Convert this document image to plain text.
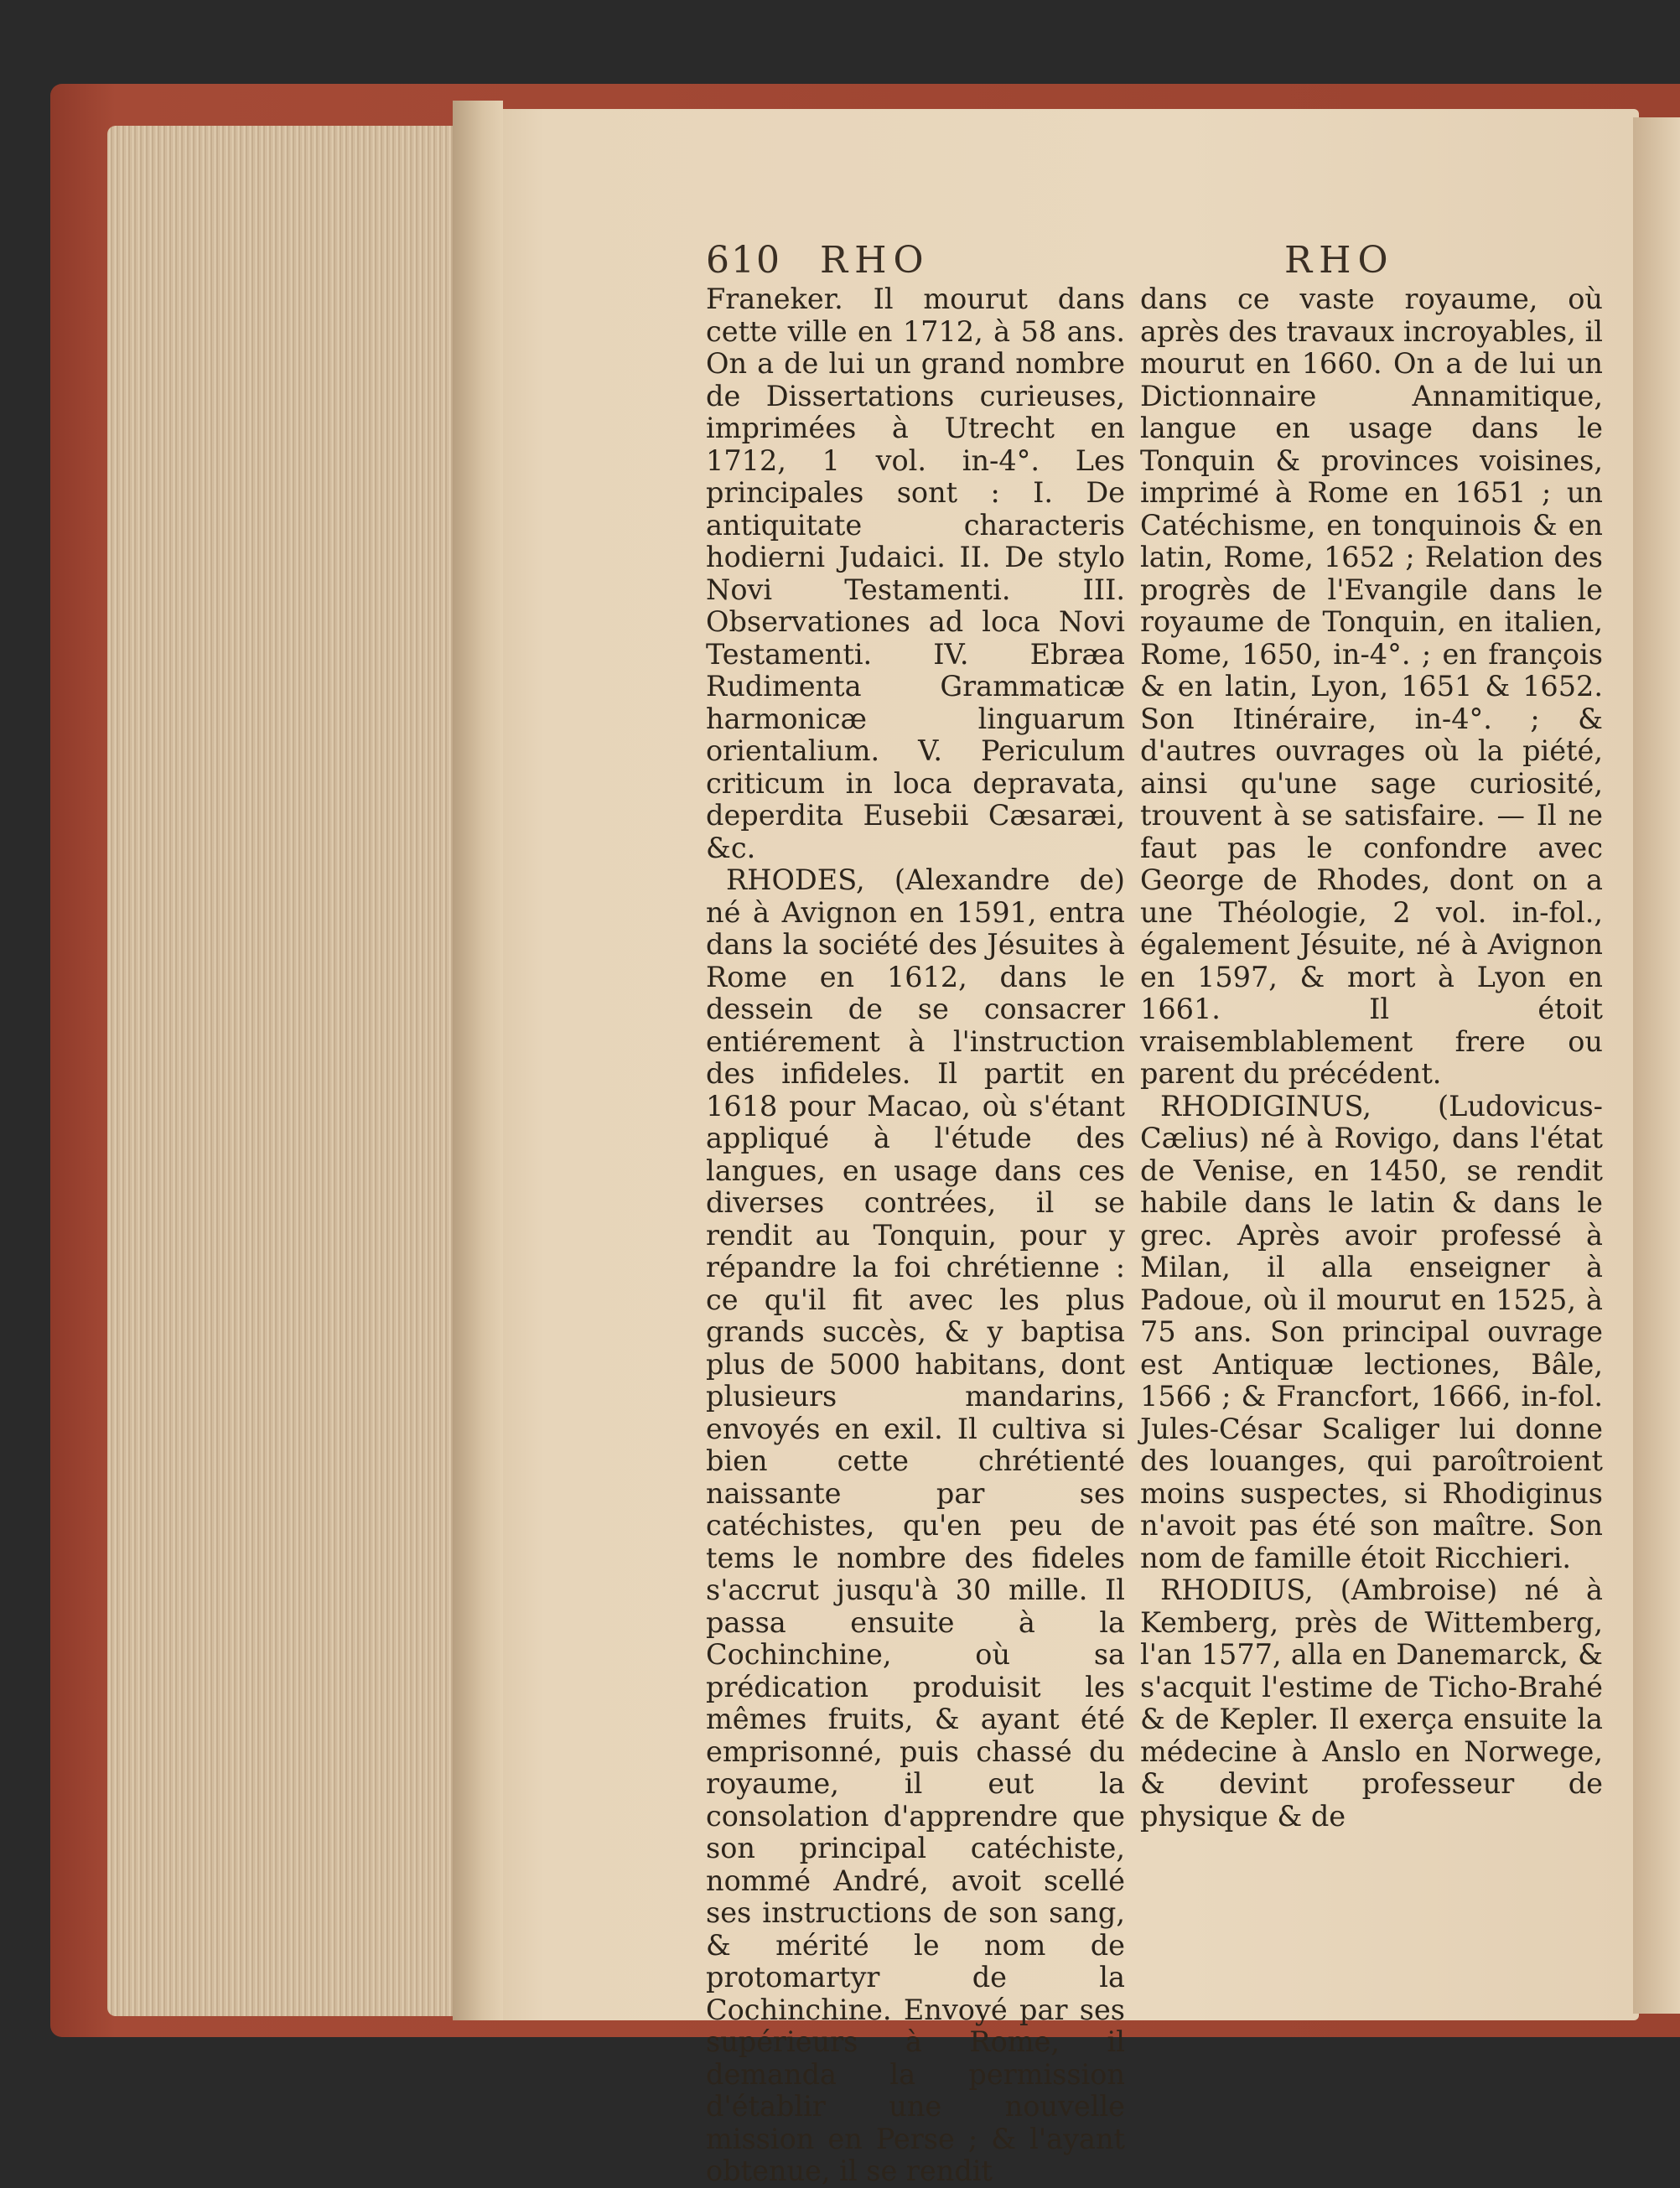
610 RHO	RHO

Franeker. Il mourut dans cette ville en 1712, à 58 ans. On a de lui un grand nombre de Dissertations curieuses, imprimées à Utrecht en 1712, 1 vol. in-4°. Les principales sont : I. De antiquitate characteris hodierni Judaici. II. De stylo Novi Testamenti. III. Observationes ad loca Novi Testamenti. IV. Ebræa Rudimenta Grammaticæ harmonicæ linguarum orientalium. V. Periculum criticum in loca depravata, deperdita Eusebii Cæsaræi, &c.

RHODES, (Alexandre de) né à Avignon en 1591, entra dans la société des Jésuites à Rome en 1612, dans le dessein de se consacrer entiérement à l'instruction des infideles. Il partit en 1618 pour Macao, où s'étant appliqué à l'étude des langues, en usage dans ces diverses contrées, il se rendit au Tonquin, pour y répandre la foi chrétienne : ce qu'il fit avec les plus grands succès, & y baptisa plus de 5000 habitans, dont plusieurs mandarins, envoyés en exil. Il cultiva si bien cette chrétienté naissante par ses catéchistes, qu'en peu de tems le nombre des fideles s'accrut jusqu'à 30 mille. Il passa ensuite à la Cochinchine, où sa prédication produisit les mêmes fruits, & ayant été emprisonné, puis chassé du royaume, il eut la consolation d'apprendre que son principal catéchiste, nommé André, avoit scellé ses instructions de son sang, & mérité le nom de protomartyr de la Cochinchine. Envoyé par ses supérieurs à Rome, il demanda la permission d'établir une nouvelle mission en Perse ; & l'ayant obtenue, il se rendit

dans ce vaste royaume, où après des travaux incroyables, il mourut en 1660. On a de lui un Dictionnaire Annamitique, langue en usage dans le Tonquin & provinces voisines, imprimé à Rome en 1651 ; un Catéchisme, en tonquinois & en latin, Rome, 1652 ; Relation des progrès de l'Evangile dans le royaume de Tonquin, en italien, Rome, 1650, in-4°. ; en françois & en latin, Lyon, 1651 & 1652. Son Itinéraire, in-4°. ; & d'autres ouvrages où la piété, ainsi qu'une sage curiosité, trouvent à se satisfaire. — Il ne faut pas le confondre avec George de Rhodes, dont on a une Théologie, 2 vol. in-fol., également Jésuite, né à Avignon en 1597, & mort à Lyon en 1661. Il étoit vraisemblablement frere ou parent du précédent.

RHODIGINUS, (Ludovicus-Cælius) né à Rovigo, dans l'état de Venise, en 1450, se rendit habile dans le latin & dans le grec. Après avoir professé à Milan, il alla enseigner à Padoue, où il mourut en 1525, à 75 ans. Son principal ouvrage est Antiquæ lectiones, Bâle, 1566 ; & Francfort, 1666, in-fol. Jules-César Scaliger lui donne des louanges, qui paroîtroient moins suspectes, si Rhodiginus n'avoit pas été son maître. Son nom de famille étoit Ricchieri.

RHODIUS, (Ambroise) né à Kemberg, près de Wittemberg, l'an 1577, alla en Danemarck, & s'acquit l'estime de Ticho-Brahé & de Kepler. Il exerça ensuite la médecine à Anslo en Norwege, & devint professeur de physique & de
